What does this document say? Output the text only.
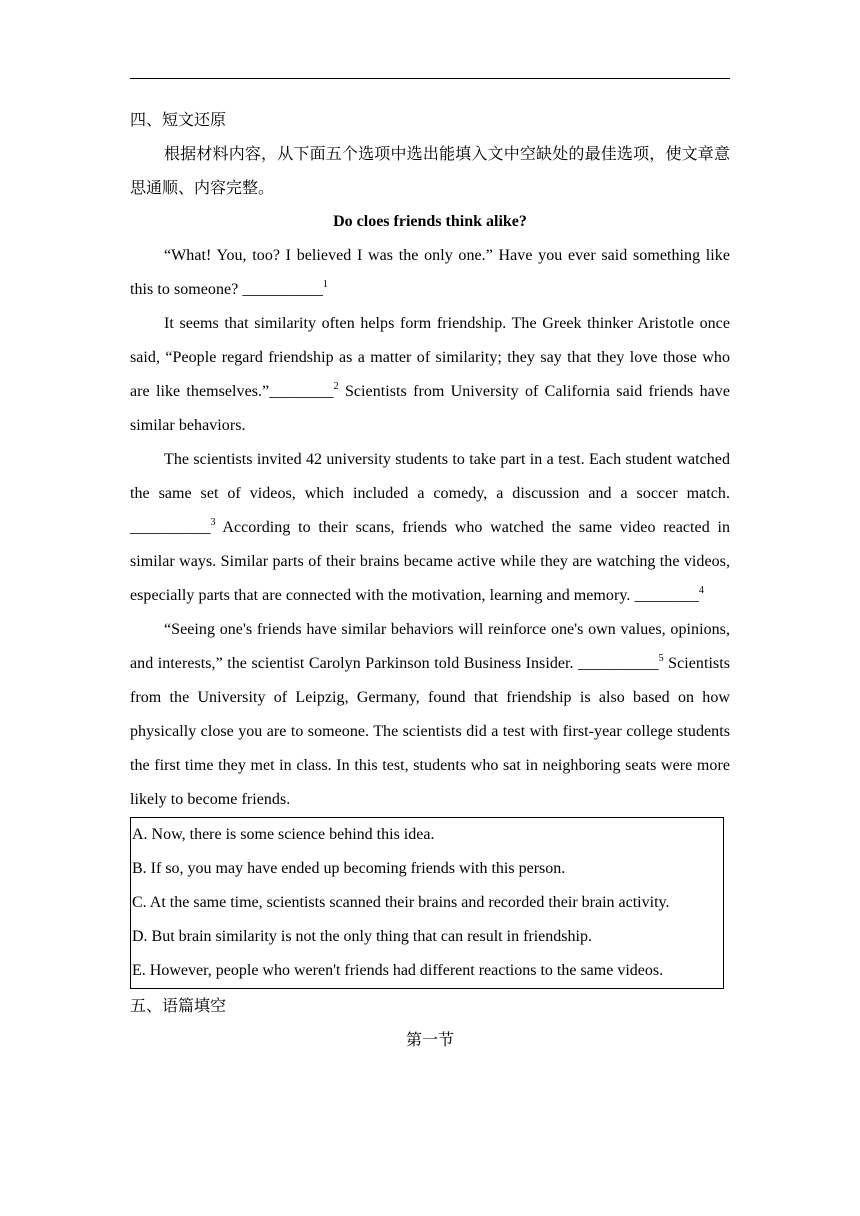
四、短文还原

根据材料内容，从下面五个选项中选出能填入文中空缺处的最佳选项，使文章意思通顺、内容完整。

Do cloes friends think alike?

“What! You, too? I believed I was the only one.” Have you ever said something like this to someone? __________$^1$

It seems that similarity often helps form friendship. The Greek thinker Aristotle once said, “People regard friendship as a matter of similarity; they say that they love those who are like themselves.”________$^2$ Scientists from University of California said friends have similar behaviors.

The scientists invited 42 university students to take part in a test. Each student watched the same set of videos, which included a comedy, a discussion and a soccer match. __________$^3$ According to their scans, friends who watched the same video reacted in similar ways. Similar parts of their brains became active while they are watching the videos, especially parts that are connected with the motivation, learning and memory. ________$^4$

“Seeing one's friends have similar behaviors will reinforce one's own values, opinions, and interests,” the scientist Carolyn Parkinson told Business Insider. __________$^5$ Scientists from the University of Leipzig, Germany, found that friendship is also based on how physically close you are to someone. The scientists did a test with first-year college students the first time they met in class. In this test, students who sat in neighboring seats were more likely to become friends.

A. Now, there is some science behind this idea.

B. If so, you may have ended up becoming friends with this person.

C. At the same time, scientists scanned their brains and recorded their brain activity.

D. But brain similarity is not the only thing that can result in friendship.

E. However, people who weren't friends had different reactions to the same videos.

五、语篇填空

第一节
